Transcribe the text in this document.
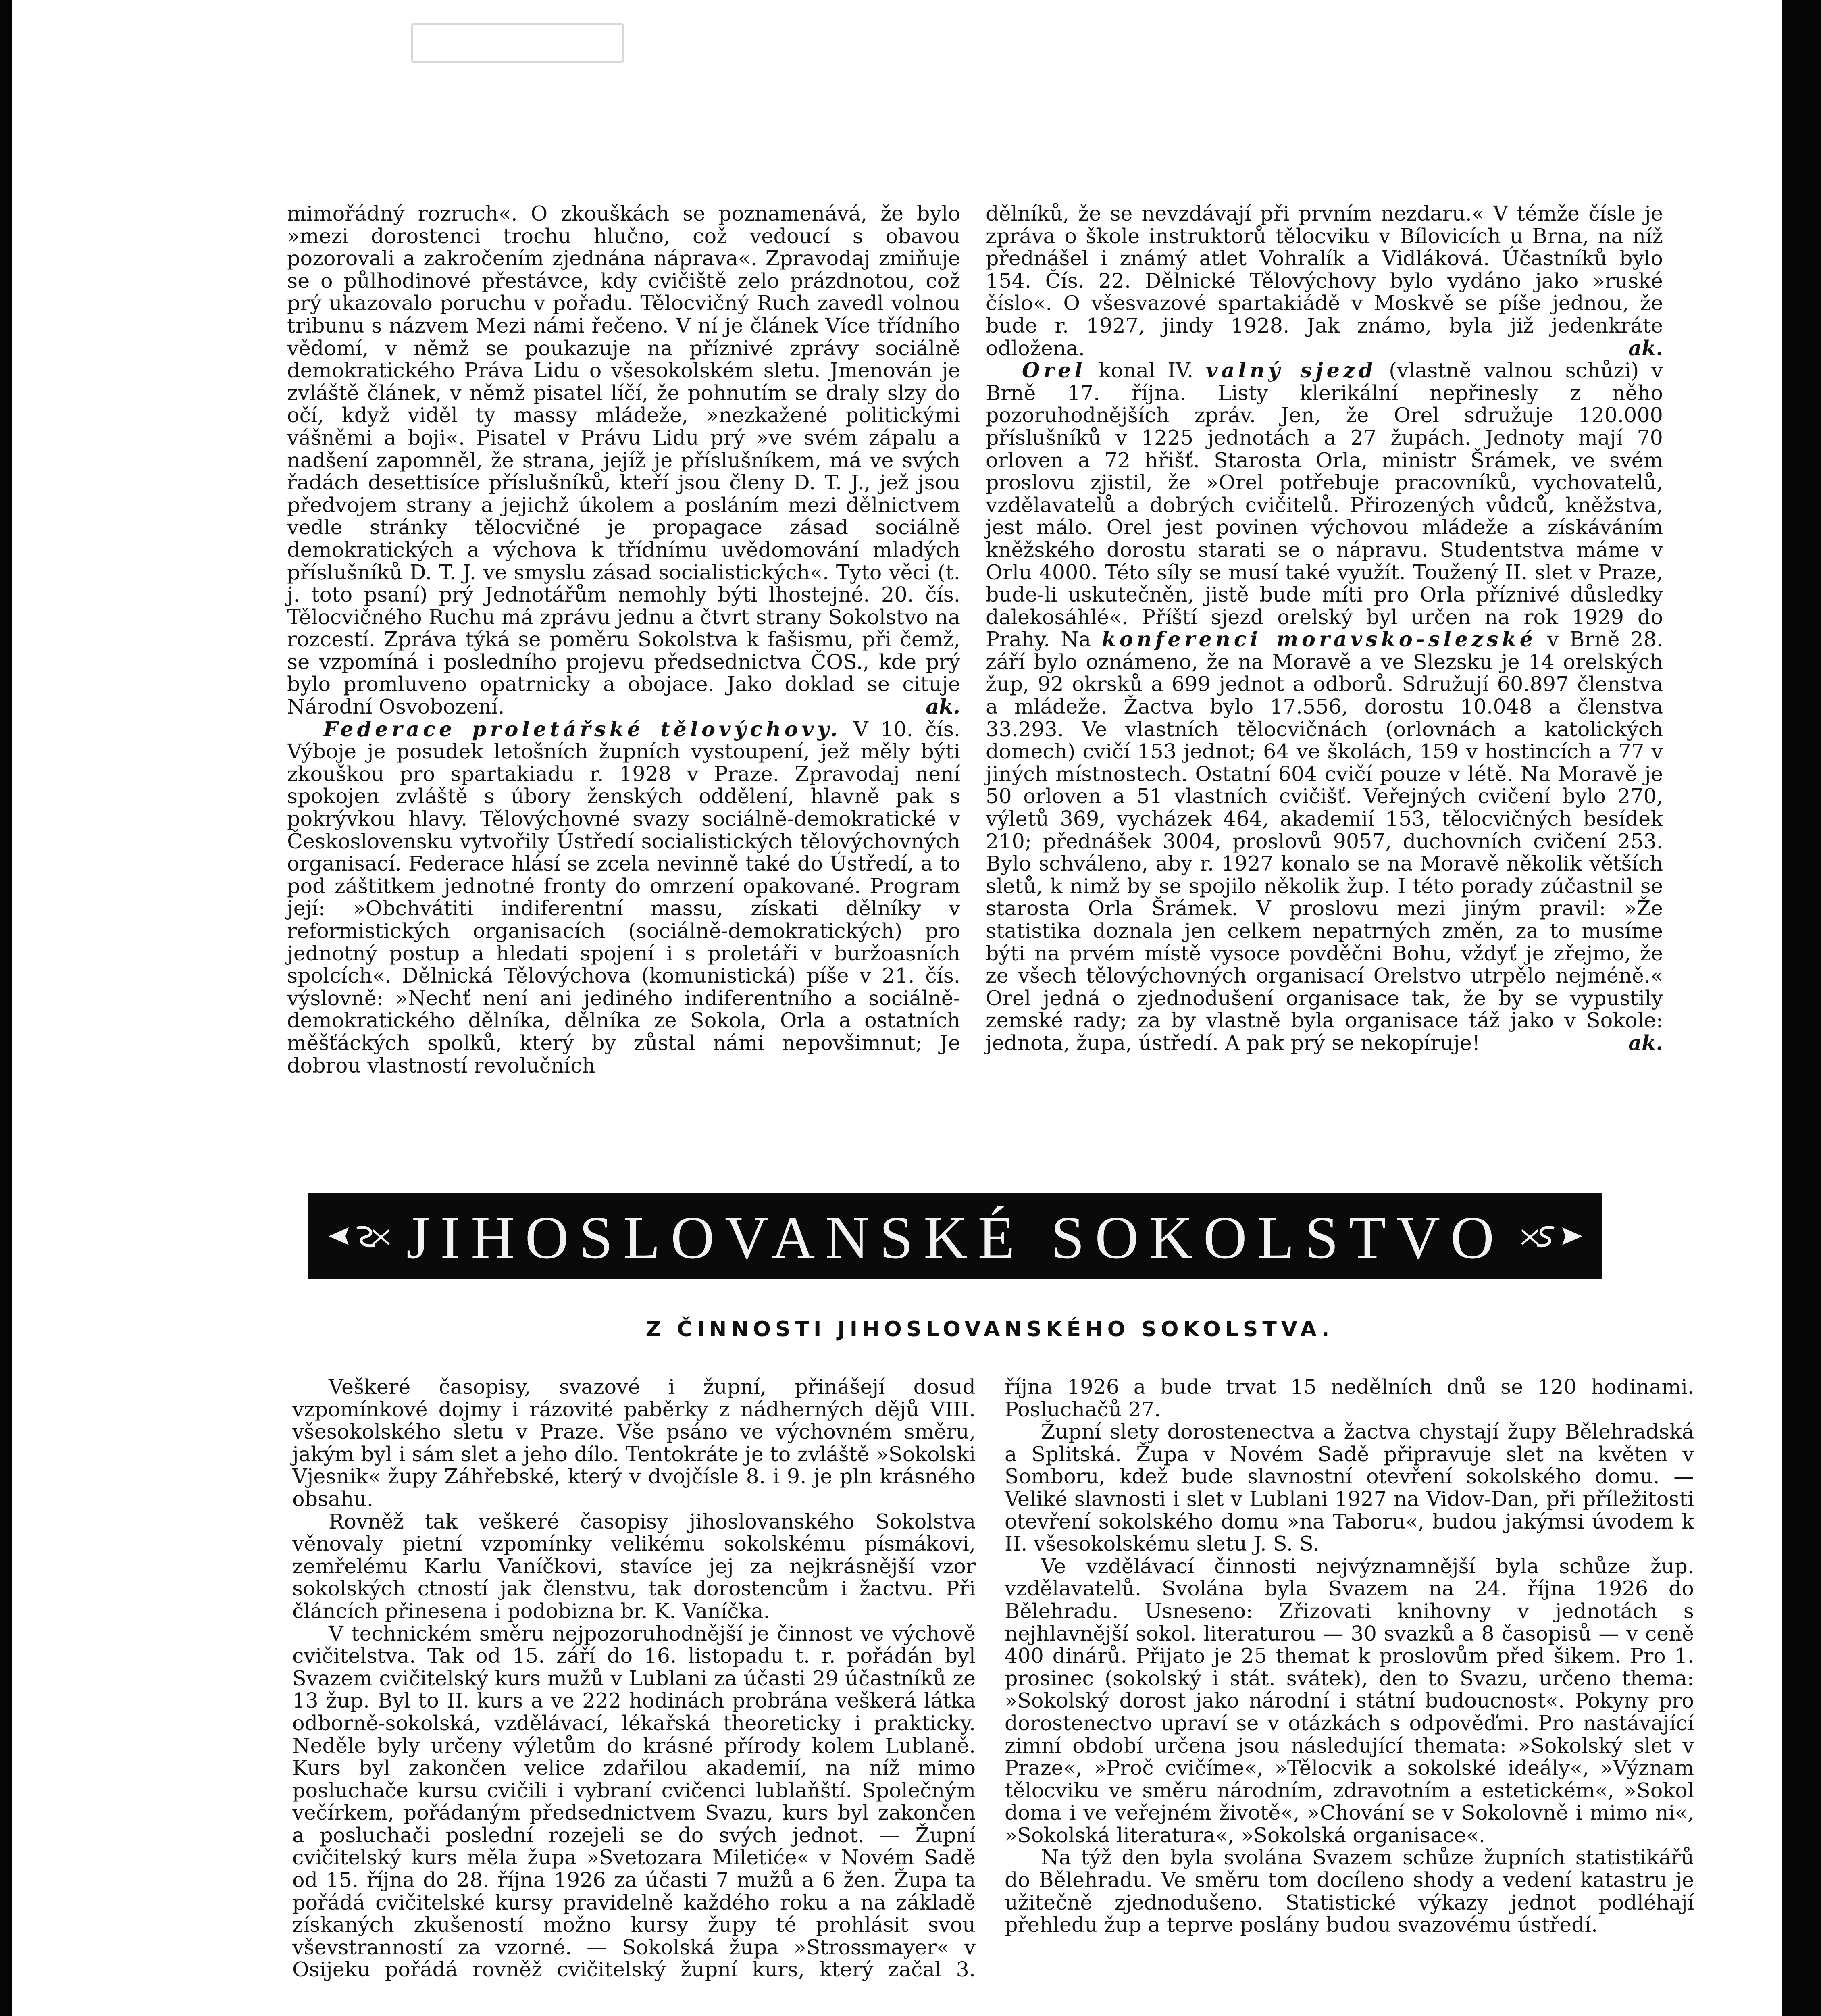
mimořádný rozruch«. O zkouškách se poznamenává, že bylo »mezi dorostenci trochu hlučno, což vedoucí s obavou pozorovali a zakročením zjednána náprava«. Zpravodaj zmiňuje se o půlhodinové přestávce, kdy cvičiště zelo prázdnotou, což prý ukazovalo poruchu v pořadu. Tělocvičný Ruch zavedl volnou tribunu s názvem Mezi námi řečeno. V ní je článek Více třídního vědomí, v němž se poukazuje na příznivé zprávy sociálně demokratického Práva Lidu o všesokolském sletu. Jmenován je zvláště článek, v němž pisatel líčí, že pohnutím se draly slzy do očí, když viděl ty massy mládeže, »nezkažené politickými vášněmi a boji«. Pisatel v Právu Lidu prý »ve svém zápalu a nadšení zapomněl, že strana, jejíž je příslušníkem, má ve svých řadách desettisíce příslušníků, kteří jsou členy D. T. J., jež jsou předvojem strany a jejichž úkolem a posláním mezi dělnictvem vedle stránky tělocvičné je propagace zásad sociálně demokratických a výchova k třídnímu uvědomování mladých příslušníků D. T. J. ve smyslu zásad socialistických«. Tyto věci (t. j. toto psaní) prý Jednotářům nemohly býti lhostejné. 20. čís. Tělocvičného Ruchu má zprávu jednu a čtvrt strany Sokolstvo na rozcestí. Zpráva týká se poměru Sokolstva k fašismu, při čemž, se vzpomíná i posledního projevu předsednictva ČOS., kde prý bylo promluveno opatrnicky a obojace. Jako doklad se cituje Národní Osvobození.	ak.

Federace proletářské tělovýchovy. V 10. čís. Výboje je posudek letošních župních vystoupení, jež měly býti zkouškou pro spartakiadu r. 1928 v Praze. Zpravodaj není spokojen zvláště s úbory ženských oddělení, hlavně pak s pokrývkou hlavy. Tělovýchovné svazy sociálně-demokratické v Československu vytvořily Ústředí socialistických tělovýchovných organisací. Federace hlásí se zcela nevinně také do Ústředí, a to pod záštitkem jednotné fronty do omrzení opakované. Program její: »Obchvátiti indiferentní massu, získati dělníky v reformistických organisacích (sociálně-demokratických) pro jednotný postup a hledati spojení i s proletáři v buržoasních spolcích«. Dělnická Tělovýchova (komunistická) píše v 21. čís. výslovně: »Nechť není ani jediného indiferentního a sociálně-demokratického dělníka, dělníka ze Sokola, Orla a ostatních měšťáckých spolků, který by zůstal námi nepovšimnut; Je dobrou vlastností revolučních

dělníků, že se nevzdávají při prvním nezdaru.« V témže čísle je zpráva o škole instruktorů tělocviku v Bílovicích u Brna, na níž přednášel i známý atlet Vohralík a Vidláková. Účastníků bylo 154. Čís. 22. Dělnické Tělovýchovy bylo vydáno jako »ruské číslo«. O všesvazové spartakiádě v Moskvě se píše jednou, že bude r. 1927, jindy 1928. Jak známo, byla již jedenkráte odložena.	ak.

Orel konal IV. valný sjezd (vlastně valnou schůzi) v Brně 17. října. Listy klerikální nepřinesly z něho pozoruhodnějších zpráv. Jen, že Orel sdružuje 120.000 příslušníků v 1225 jednotách a 27 župách. Jednoty mají 70 orloven a 72 hřišť. Starosta Orla, ministr Šrámek, ve svém proslovu zjistil, že »Orel potřebuje pracovníků, vychovatelů, vzdělavatelů a dobrých cvičitelů. Přirozených vůdců, kněžstva, jest málo. Orel jest povinen výchovou mládeže a získáváním kněžského dorostu starati se o nápravu. Studentstva máme v Orlu 4000. Této síly se musí také využít. Toužený II. slet v Praze, bude-li uskutečněn, jistě bude míti pro Orla příznivé důsledky dalekosáhlé«. Příští sjezd orelský byl určen na rok 1929 do Prahy. Na konferenci moravsko-slezské v Brně 28. září bylo oznámeno, že na Moravě a ve Slezsku je 14 orelských žup, 92 okrsků a 699 jednot a odborů. Sdružují 60.897 členstva a mládeže. Žactva bylo 17.556, dorostu 10.048 a členstva 33.293. Ve vlastních tělocvičnách (orlovnách a katolických domech) cvičí 153 jednot; 64 ve školách, 159 v hostincích a 77 v jiných místnostech. Ostatní 604 cvičí pouze v létě. Na Moravě je 50 orloven a 51 vlastních cvičišť. Veřejných cvičení bylo 270, výletů 369, vycházek 464, akademií 153, tělocvičných besídek 210; přednášek 3004, proslovů 9057, duchovních cvičení 253. Bylo schváleno, aby r. 1927 konalo se na Moravě několik větších sletů, k nimž by se spojilo několik žup. I této porady zúčastnil se starosta Orla Šrámek. V proslovu mezi jiným pravil: »Že statistika doznala jen celkem nepatrných změn, za to musíme býti na prvém místě vysoce povděčni Bohu, vždyť je zřejmo, že ze všech tělovýchovných organisací Orelstvo utrpělo nejméně.« Orel jedná o zjednodušení organisace tak, že by se vypustily zemské rady; za by vlastně byla organisace táž jako v Sokole: jednota, župa, ústředí. A pak prý se nekopíruje!	ak.

JIHOSLOVANSKÉ SOKOLSTVO
Z ČINNOSTI JIHOSLOVANSKÉHO SOKOLSTVA.

Veškeré časopisy, svazové i župní, přinášejí dosud vzpomínkové dojmy i rázovité paběrky z nádherných dějů VIII. všesokolského sletu v Praze. Vše psáno ve výchovném směru, jakým byl i sám slet a jeho dílo. Tentokráte je to zvláště »Sokolski Vjesnik« župy Záhřebské, který v dvojčísle 8. i 9. je pln krásného obsahu.

Rovněž tak veškeré časopisy jihoslovanského Sokolstva věnovaly pietní vzpomínky velikému sokolskému písmákovi, zemřelému Karlu Vaníčkovi, stavíce jej za nejkrásnější vzor sokolských ctností jak členstvu, tak dorostencům i žactvu. Při článcích přinesena i podobizna br. K. Vaníčka.

V technickém směru nejpozoruhodnější je činnost ve výchově cvičitelstva. Tak od 15. září do 16. listopadu t. r. pořádán byl Svazem cvičitelský kurs mužů v Lublani za účasti 29 účastníků ze 13 žup. Byl to II. kurs a ve 222 hodinách probrána veškerá látka odborně-sokolská, vzdělávací, lékařská theoreticky i prakticky. Neděle byly určeny výletům do krásné přírody kolem Lublaně. Kurs byl zakončen velice zdařilou akademií, na níž mimo posluchače kursu cvičili i vybraní cvičenci lublaňští. Společným večírkem, pořádaným předsednictvem Svazu, kurs byl zakončen a posluchači poslední rozejeli se do svých jednot. — Župní cvičitelský kurs měla župa »Svetozara Miletiće« v Novém Sadě od 15. října do 28. října 1926 za účasti 7 mužů a 6 žen. Župa ta pořádá cvičitelské kursy pravidelně každého roku a na základě získaných zkušeností možno kursy župy té prohlásit svou vševstranností za vzorné. — Sokolská župa »Strossmayer« v Osijeku pořádá rovněž cvičitelský župní kurs, který začal 3.

října 1926 a bude trvat 15 nedělních dnů se 120 hodinami. Posluchačů 27.

Župní slety dorostenectva a žactva chystají župy Bělehradská a Splitská. Župa v Novém Sadě připravuje slet na květen v Somboru, kdež bude slavnostní otevření sokolského domu. — Veliké slavnosti i slet v Lublani 1927 na Vidov-Dan, při příležitosti otevření sokolského domu »na Taboru«, budou jakýmsi úvodem k II. všesokolskému sletu J. S. S.

Ve vzdělávací činnosti nejvýznamnější byla schůze žup. vzdělavatelů. Svolána byla Svazem na 24. října 1926 do Bělehradu. Usneseno: Zřizovati knihovny v jednotách s nejhlavnější sokol. literaturou — 30 svazků a 8 časopisů — v ceně 400 dinárů. Přijato je 25 themat k proslovům před šikem. Pro 1. prosinec (sokolský i stát. svátek), den to Svazu, určeno thema: »Sokolský dorost jako národní i státní budoucnost«. Pokyny pro dorostenectvo upraví se v otázkách s odpověďmi. Pro nastávající zimní období určena jsou následující themata: »Sokolský slet v Praze«, »Proč cvičíme«, »Tělocvik a sokolské ideály«, »Význam tělocviku ve směru národním, zdravotním a estetickém«, »Sokol doma i ve veřejném životě«, »Chování se v Sokolovně i mimo ni«, »Sokolská literatura«, »Sokolská organisace«.

Na týž den byla svolána Svazem schůze župních statistikářů do Bělehradu. Ve směru tom docíleno shody a vedení katastru je užitečně zjednodušeno. Statistické výkazy jednot podléhají přehledu žup a teprve poslány budou svazovému ústředí.
